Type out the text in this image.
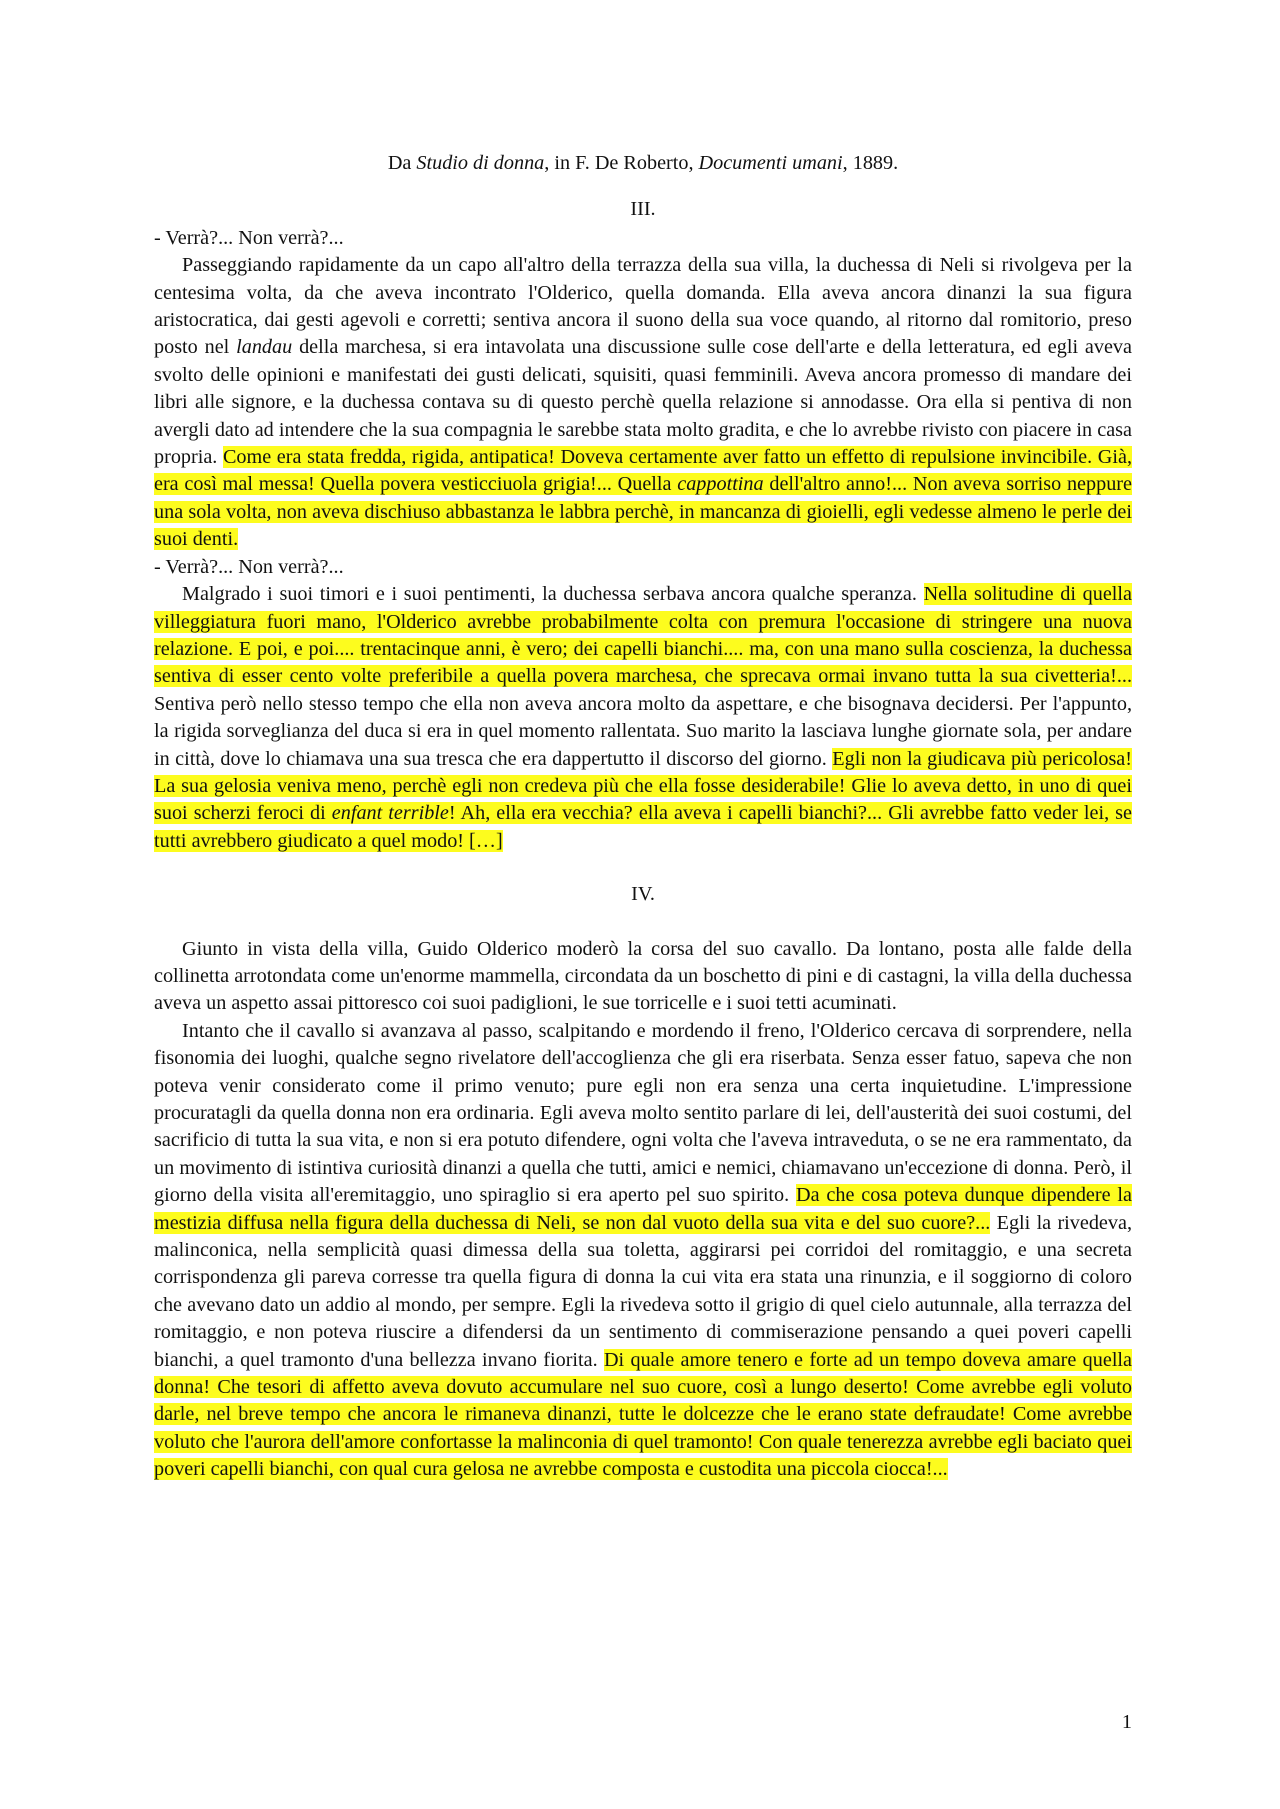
Da Studio di donna, in F. De Roberto, Documenti umani, 1889.
III.

- Verrà?... Non verrà?...

Passeggiando rapidamente da un capo all'altro della terrazza della sua villa, la duchessa di Neli si rivolgeva per la centesima volta, da che aveva incontrato l'Olderico, quella domanda. Ella aveva ancora dinanzi la sua figura aristocratica, dai gesti agevoli e corretti; sentiva ancora il suono della sua voce quando, al ritorno dal romitorio, preso posto nel landau della marchesa, si era intavolata una discussione sulle cose dell'arte e della letteratura, ed egli aveva svolto delle opinioni e manifestati dei gusti delicati, squisiti, quasi femminili. Aveva ancora promesso di mandare dei libri alle signore, e la duchessa contava su di questo perchè quella relazione si annodasse. Ora ella si pentiva di non avergli dato ad intendere che la sua compagnia le sarebbe stata molto gradita, e che lo avrebbe rivisto con piacere in casa propria. Come era stata fredda, rigida, antipatica! Doveva certamente aver fatto un effetto di repulsione invincibile. Già, era così mal messa! Quella povera vesticciuola grigia!... Quella cappottina dell'altro anno!... Non aveva sorriso neppure una sola volta, non aveva dischiuso abbastanza le labbra perchè, in mancanza di gioielli, egli vedesse almeno le perle dei suoi denti.

- Verrà?... Non verrà?...

Malgrado i suoi timori e i suoi pentimenti, la duchessa serbava ancora qualche speranza. Nella solitudine di quella villeggiatura fuori mano, l'Olderico avrebbe probabilmente colta con premura l'occasione di stringere una nuova relazione. E poi, e poi.... trentacinque anni, è vero; dei capelli bianchi.... ma, con una mano sulla coscienza, la duchessa sentiva di esser cento volte preferibile a quella povera marchesa, che sprecava ormai invano tutta la sua civetteria!... Sentiva però nello stesso tempo che ella non aveva ancora molto da aspettare, e che bisognava decidersi. Per l'appunto, la rigida sorveglianza del duca si era in quel momento rallentata. Suo marito la lasciava lunghe giornate sola, per andare in città, dove lo chiamava una sua tresca che era dappertutto il discorso del giorno. Egli non la giudicava più pericolosa! La sua gelosia veniva meno, perchè egli non credeva più che ella fosse desiderabile! Glie lo aveva detto, in uno di quei suoi scherzi feroci di enfant terrible! Ah, ella era vecchia? ella aveva i capelli bianchi?... Gli avrebbe fatto veder lei, se tutti avrebbero giudicato a quel modo! […]

IV.

Giunto in vista della villa, Guido Olderico moderò la corsa del suo cavallo. Da lontano, posta alle falde della collinetta arrotondata come un'enorme mammella, circondata da un boschetto di pini e di castagni, la villa della duchessa aveva un aspetto assai pittoresco coi suoi padiglioni, le sue torricelle e i suoi tetti acuminati.

Intanto che il cavallo si avanzava al passo, scalpitando e mordendo il freno, l'Olderico cercava di sorprendere, nella fisonomia dei luoghi, qualche segno rivelatore dell'accoglienza che gli era riserbata. Senza esser fatuo, sapeva che non poteva venir considerato come il primo venuto; pure egli non era senza una certa inquietudine. L'impressione procuratagli da quella donna non era ordinaria. Egli aveva molto sentito parlare di lei, dell'austerità dei suoi costumi, del sacrificio di tutta la sua vita, e non si era potuto difendere, ogni volta che l'aveva intraveduta, o se ne era rammentato, da un movimento di istintiva curiosità dinanzi a quella che tutti, amici e nemici, chiamavano un'eccezione di donna. Però, il giorno della visita all'eremitaggio, uno spiraglio si era aperto pel suo spirito. Da che cosa poteva dunque dipendere la mestizia diffusa nella figura della duchessa di Neli, se non dal vuoto della sua vita e del suo cuore?... Egli la rivedeva, malinconica, nella semplicità quasi dimessa della sua toletta, aggirarsi pei corridoi del romitaggio, e una secreta corrispondenza gli pareva corresse tra quella figura di donna la cui vita era stata una rinunzia, e il soggiorno di coloro che avevano dato un addio al mondo, per sempre. Egli la rivedeva sotto il grigio di quel cielo autunnale, alla terrazza del romitaggio, e non poteva riuscire a difendersi da un sentimento di commiserazione pensando a quei poveri capelli bianchi, a quel tramonto d'una bellezza invano fiorita. Di quale amore tenero e forte ad un tempo doveva amare quella donna! Che tesori di affetto aveva dovuto accumulare nel suo cuore, così a lungo deserto! Come avrebbe egli voluto darle, nel breve tempo che ancora le rimaneva dinanzi, tutte le dolcezze che le erano state defraudate! Come avrebbe voluto che l'aurora dell'amore confortasse la malinconia di quel tramonto! Con quale tenerezza avrebbe egli baciato quei poveri capelli bianchi, con qual cura gelosa ne avrebbe composta e custodita una piccola ciocca!...

1
